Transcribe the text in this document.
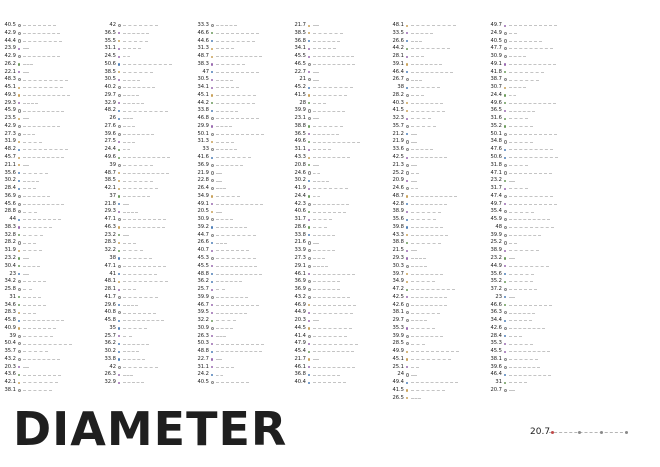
40.5
42.9
44.4
23.9
42.9
26.2
22.1
48.3
45.1
49.3
29.3
45.9
23.5
42.9
27.3
31.9
48.2
45.7
21.1
35.6
30.2
28.4
36.9
45.6
28.8
44
38.3
32.8
28.2
31.9
23.2
30.4
23
34.2
25.8
31
34.6
28.3
45.8
40.9
39
50.4
35.7
43.2
20.3
43.6
42.1
38.1
42
36.5
35.5
31.1
24.5
50.6
38.5
30.5
40.2
29.7
32.9
48.2
26
27.6
39.6
27.5
24.4
49.6
39
48.7
38.5
42.1
37
21.8
29.3
47.1
46.3
23.2
28.3
32.2
38
47.1
41
48.1
28.1
41.7
29.6
40.8
45.8
35
25.7
36.2
30.2
33.8
42
26.3
32.9
33.3
46.6
44.6
31.3
48.7
38.3
47
30.5
34.1
45.1
44.2
33.8
46.8
29.9
50.1
31.3
33
41.6
36.9
21.9
22.8
26.4
34.9
49.1
20.5
30.9
39.2
44.7
26.6
40.7
45.3
45.5
48.8
36.2
25.7
39.9
46.7
39.5
32.2
30.9
26.3
50.3
48.8
22.7
31.1
24.2
40.5
21.7
38.5
36.8
34.1
45.5
46.5
22.7
21
45.2
41.5
28
39.9
23.1
38.8
36.5
49.6
31.1
43.3
20.8
24.6
30.2
41.9
24.4
42.3
40.6
31.7
28.6
33.8
21.6
33.9
27.3
29.1
46.1
36.9
36.9
43.2
46.9
44.9
20.3
44.5
41.4
47.9
45.4
21.7
46.1
36.8
40.4
48.1
33.5
26.6
44.2
28.1
39.1
46.4
26.7
38
28.2
40.3
41.5
32.3
35.7
21.2
21.9
33.6
42.5
21.3
25.2
20.9
24.6
48.7
42.8
38.9
35.6
39.8
43.3
38.8
21.5
29.3
30.3
39.7
34.9
47.2
42.5
42.6
38.1
29.7
35.3
39.9
28.5
49.9
45.1
25.1
24
49.4
41.5
26.5
49.7
24.9
40.5
47.7
30.9
49.1
41.8
38.7
30.7
24.4
49.6
36.5
31.6
35.2
50.1
34.8
47.6
50.6
31.8
47.1
23.2
31.7
47.4
49.7
35.4
45.9
48
39.9
25.2
38.9
23.2
44.9
35.6
35.2
37.2
23
46.6
36.3
34.4
42.6
28.4
35.3
45.5
38.1
39.6
46.4
31
20.7
DIAMETER	20.7
